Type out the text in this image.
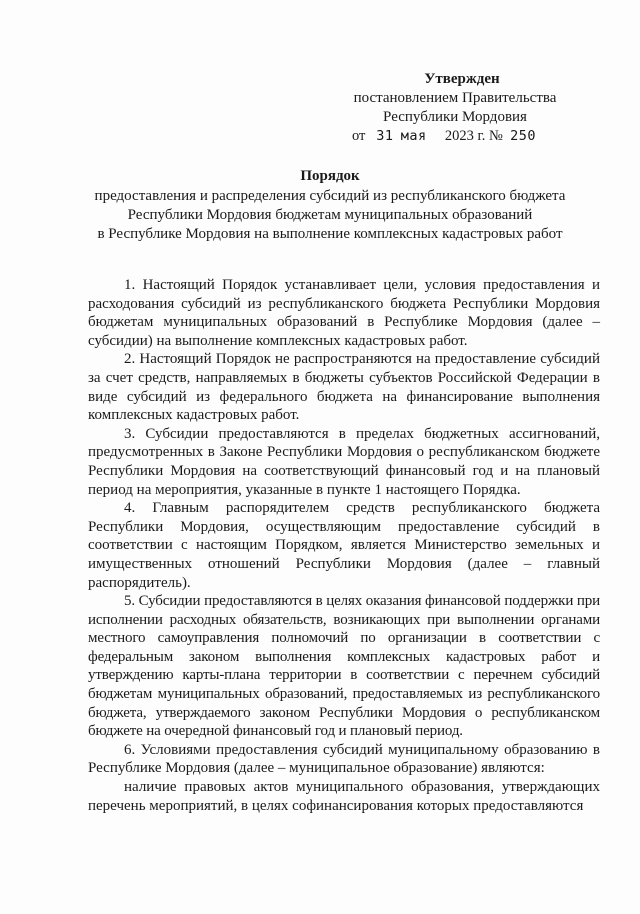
Утвержден
постановлением Правительства
Республики Мордовия
от 31 мая 2023 г. № 250
Порядок
предоставления и распределения субсидий из республиканского бюджета
Республики Мордовия бюджетам муниципальных образований
в Республике Мордовия на выполнение комплексных кадастровых работ

1. Настоящий Порядок устанавливает цели, условия предоставления и расходования субсидий из республиканского бюджета Республики Мордовия бюджетам муниципальных образований в Республике Мордовия (далее – субсидии) на выполнение комплексных кадастровых работ.

2. Настоящий Порядок не распространяются на предоставление субсидий за счет средств, направляемых в бюджеты субъектов Российской Федерации в виде субсидий из федерального бюджета на финансирование выполнения комплексных кадастровых работ.

3. Субсидии предоставляются в пределах бюджетных ассигнований, предусмотренных в Законе Республики Мордовия о республиканском бюджете Республики Мордовия на соответствующий финансовый год и на плановый период на мероприятия, указанные в пункте 1 настоящего Порядка.

4. Главным распорядителем средств республиканского бюджета Республики Мордовия, осуществляющим предоставление субсидий в соответствии с настоящим Порядком, является Министерство земельных и имущественных отношений Республики Мордовия (далее – главный распорядитель).

5. Субсидии предоставляются в целях оказания финансовой поддержки при исполнении расходных обязательств, возникающих при выполнении органами местного самоуправления полномочий по организации в соответствии с федеральным законом выполнения комплексных кадастровых работ и утверждению карты-плана территории в соответствии с перечнем субсидий бюджетам муниципальных образований, предоставляемых из республиканского бюджета, утверждаемого законом Республики Мордовия о республиканском бюджете на очередной финансовый год и плановый период.

6. Условиями предоставления субсидий муниципальному образованию в Республике Мордовия (далее – муниципальное образование) являются:

наличие правовых актов муниципального образования, утверждающих перечень мероприятий, в целях софинансирования которых предоставляются
